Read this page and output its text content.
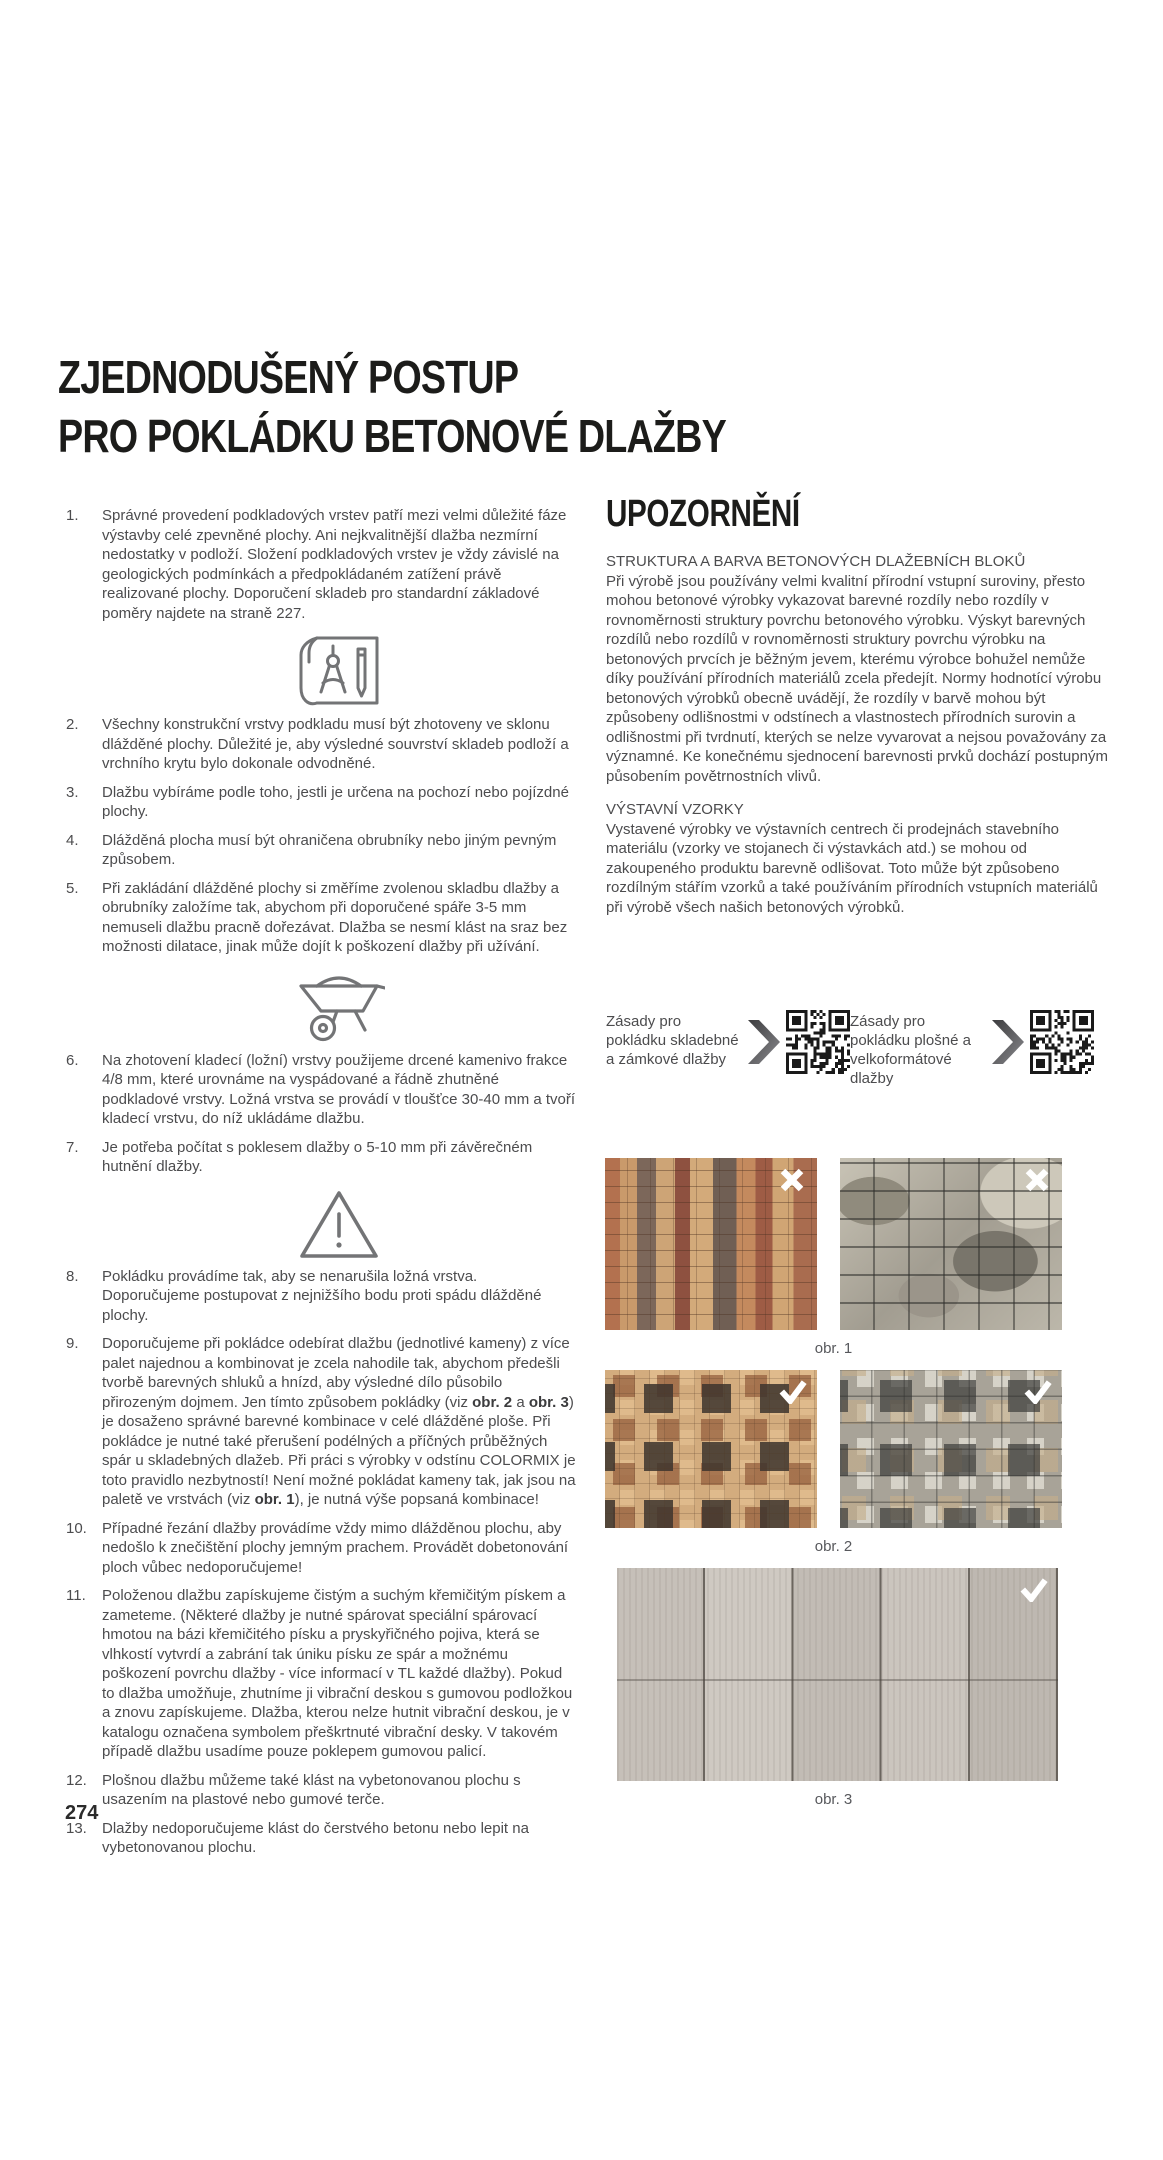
ZJEDNODUŠENÝ POSTUP
PRO POKLÁDKU BETONOVÉ DLAŽBY
1. Správné provedení podkladových vrstev patří mezi velmi důležité fáze výstavby celé zpevněné plochy. Ani nejkvalitnější dlažba nezmírní nedostatky v podloží. Složení podkladových vrstev je vždy závislé na geologických podmínkách a předpokládaném zatížení právě realizované plochy. Doporučení skladeb pro standardní základové poměry najdete na straně 227.
2. Všechny konstrukční vrstvy podkladu musí být zhotoveny ve sklonu dlážděné plochy. Důležité je, aby výsledné souvrství skladeb podloží a vrchního krytu bylo dokonale odvodněné.
3. Dlažbu vybíráme podle toho, jestli je určena na pochozí nebo pojízdné plochy.
4. Dlážděná plocha musí být ohraničena obrubníky nebo jiným pevným způsobem.
5. Při zakládání dlážděné plochy si změříme zvolenou skladbu dlažby a obrubníky založíme tak, abychom při doporučené spáře 3-5 mm nemuseli dlažbu pracně dořezávat. Dlažba se nesmí klást na sraz bez možnosti dilatace, jinak může dojít k poškození dlažby při užívání.
6. Na zhotovení kladecí (ložní) vrstvy použijeme drcené kamenivo frakce 4/8 mm, které urovnáme na vyspádované a řádně zhutněné podkladové vrstvy. Ložná vrstva se provádí v tloušťce 30-40 mm a tvoří kladecí vrstvu, do níž ukládáme dlažbu.
7. Je potřeba počítat s poklesem dlažby o 5-10 mm při závěrečném hutnění dlažby.
8. Pokládku provádíme tak, aby se nenarušila ložná vrstva. Doporučujeme postupovat z nejnižšího bodu proti spádu dlážděné plochy.
9. Doporučujeme při pokládce odebírat dlažbu (jednotlivé kameny) z více palet najednou a kombinovat je zcela nahodile tak, abychom předešli tvorbě barevných shluků a hnízd, aby výsledné dílo působilo přirozeným dojmem. Jen tímto způsobem pokládky (viz obr. 2 a obr. 3) je dosaženo správné barevné kombinace v celé dlážděné ploše. Při pokládce je nutné také přerušení podélných a příčných průběžných spár u skladebných dlažeb. Při práci s výrobky v odstínu COLORMIX je toto pravidlo nezbytností! Není možné pokládat kameny tak, jak jsou na paletě ve vrstvách (viz obr. 1), je nutná výše popsaná kombinace!
10. Případné řezání dlažby provádíme vždy mimo dlážděnou plochu, aby nedošlo k znečištění plochy jemným prachem. Provádět dobetonování ploch vůbec nedoporučujeme!
11. Položenou dlažbu zapískujeme čistým a suchým křemičitým pískem a zameteme. (Některé dlažby je nutné spárovat speciální spárovací hmotou na bázi křemičitého písku a pryskyřičného pojiva, která se vlhkostí vytvrdí a zabrání tak úniku písku ze spár a možnému poškození povrchu dlažby - více informací v TL každé dlažby). Pokud to dlažba umožňuje, zhutníme ji vibrační deskou s gumovou podložkou a znovu zapískujeme. Dlažba, kterou nelze hutnit vibrační deskou, je v katalogu označena symbolem přeškrtnuté vibrační desky. V takovém případě dlažbu usadíme pouze poklepem gumovou palicí.
12. Plošnou dlažbu můžeme také klást na vybetonovanou plochu s usazením na plastové nebo gumové terče.
13. Dlažby nedoporučujeme klást do čerstvého betonu nebo lepit na vybetonovanou plochu.
274
UPOZORNĚNÍ

STRUKTURA A BARVA BETONOVÝCH DLAŽEBNÍCH BLOKŮ

Při výrobě jsou používány velmi kvalitní přírodní vstupní suroviny, přesto mohou betonové výrobky vykazovat barevné rozdíly nebo rozdíly v rovnoměrnosti struktury povrchu betonového výrobku. Výskyt barevných rozdílů nebo rozdílů v rovnoměrnosti struktury povrchu výrobku na betonových prvcích je běžným jevem, kterému výrobce bohužel nemůže díky používání přírodních materiálů zcela předejít. Normy hodnotící výrobu betonových výrobků obecně uvádějí, že rozdíly v barvě mohou být způsobeny odlišnostmi v odstínech a vlastnostech přírodních surovin a odlišnostmi při tvrdnutí, kterých se nelze vyvarovat a nejsou považovány za významné. Ke konečnému sjednocení barevnosti prvků dochází postupným působením povětrnostních vlivů.

VÝSTAVNÍ VZORKY

Vystavené výrobky ve výstavních centrech či prodejnách stavebního materiálu (vzorky ve stojanech či výstavkách atd.) se mohou od zakoupeného produktu barevně odlišovat. Toto může být způsobeno rozdílným stářím vzorků a také používáním přírodních vstupních materiálů při výrobě všech našich betonových výrobků.

Zásady pro pokládku skladebné a zámkové dlažby
Zásady pro pokládku plošné a velkoformátové dlažby
obr. 1
obr. 2
obr. 3
